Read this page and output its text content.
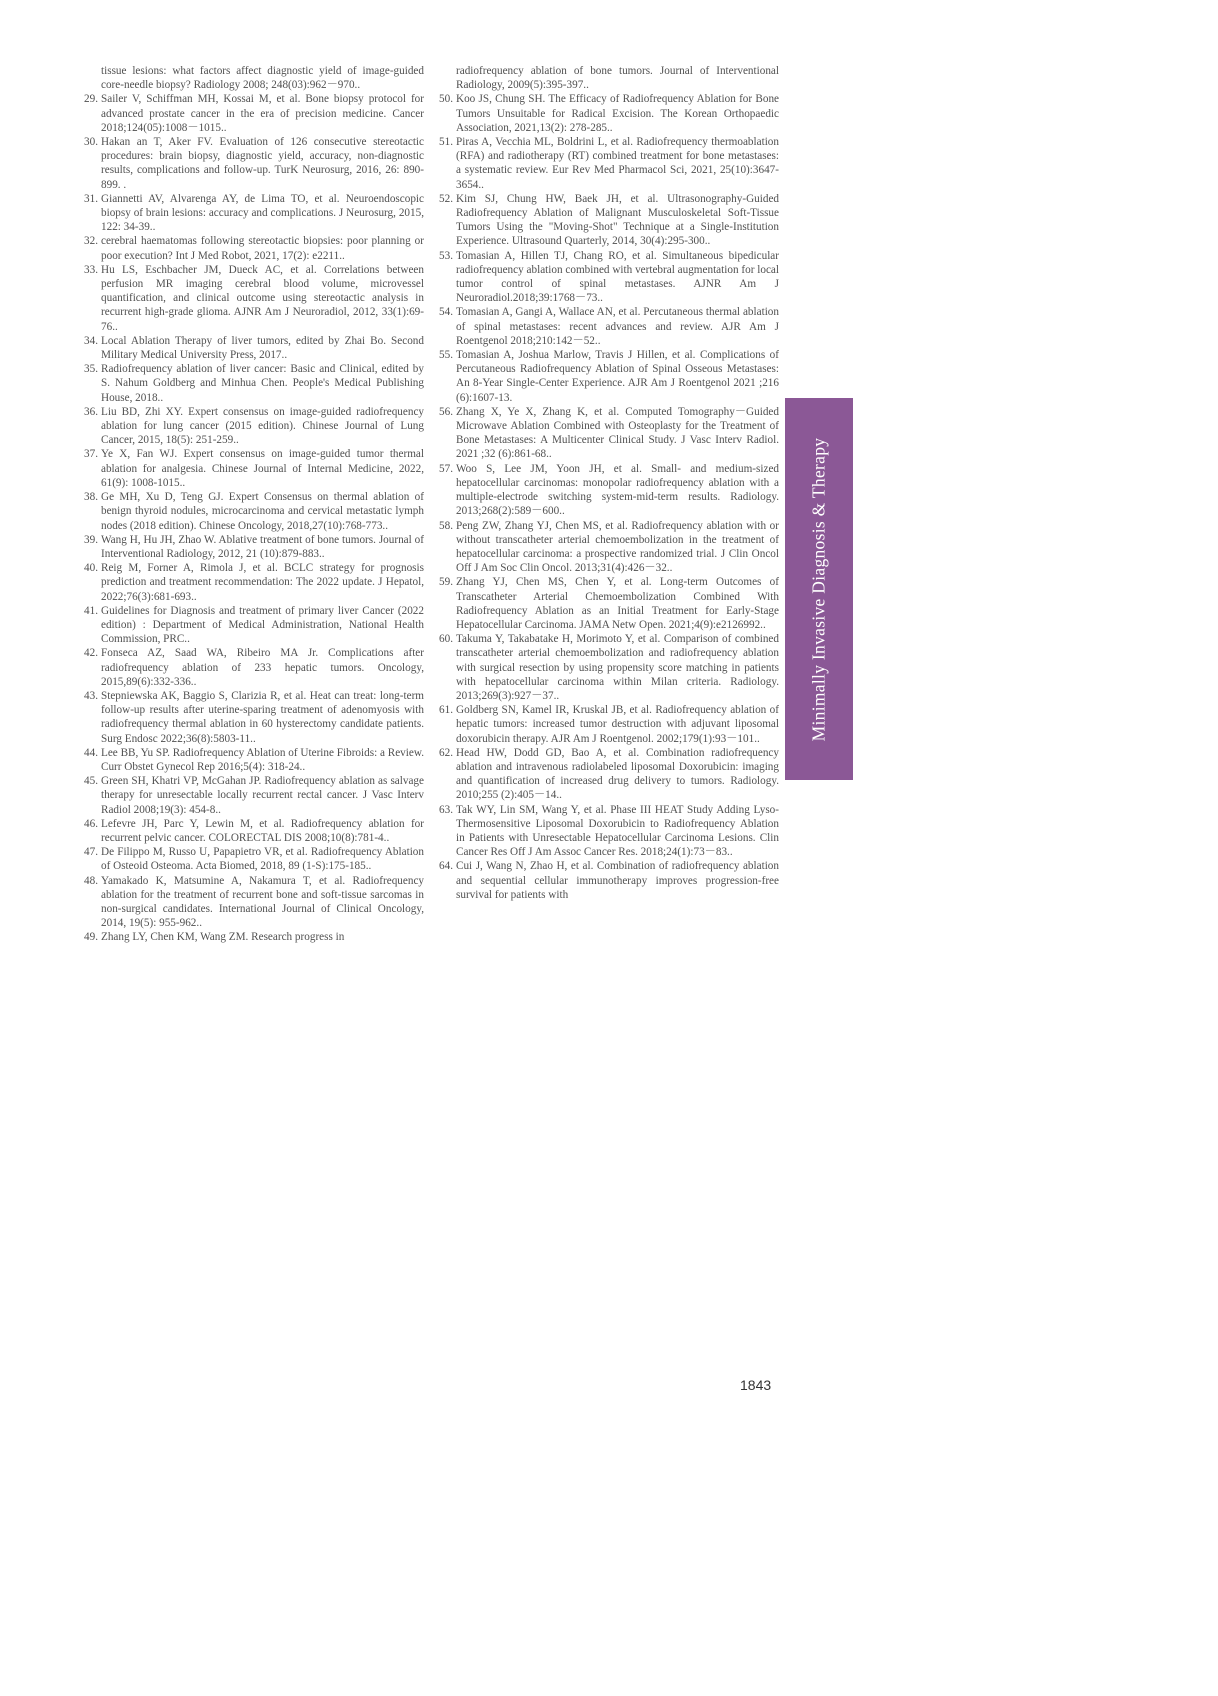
tissue lesions: what factors affect diagnostic yield of image-guided core-needle biopsy? Radiology 2008; 248(03):962－970..

29. Sailer V, Schiffman MH, Kossai M, et al. Bone biopsy protocol for advanced prostate cancer in the era of precision medicine. Cancer 2018;124(05):1008－1015..

30. Hakan an T, Aker FV. Evaluation of 126 consecutive stereotactic procedures: brain biopsy, diagnostic yield, accuracy, non-diagnostic results, complications and follow-up. TurK Neurosurg, 2016, 26: 890-899. .

31. Giannetti AV, Alvarenga AY, de Lima TO, et al. Neuroendoscopic biopsy of brain lesions: accuracy and complications. J Neurosurg, 2015, 122: 34-39..

32. cerebral haematomas following stereotactic biopsies: poor planning or poor execution? Int J Med Robot, 2021, 17(2): e2211..

33. Hu LS, Eschbacher JM, Dueck AC, et al. Correlations between perfusion MR imaging cerebral blood volume, microvessel quantification, and clinical outcome using stereotactic analysis in recurrent high-grade glioma. AJNR Am J Neuroradiol, 2012, 33(1):69-76..

34. Local Ablation Therapy of liver tumors, edited by Zhai Bo. Second Military Medical University Press, 2017..

35. Radiofrequency ablation of liver cancer: Basic and Clinical, edited by S. Nahum Goldberg and Minhua Chen. People's Medical Publishing House, 2018..

36. Liu BD, Zhi XY. Expert consensus on image-guided radiofrequency ablation for lung cancer (2015 edition). Chinese Journal of Lung Cancer, 2015, 18(5): 251-259..

37. Ye X, Fan WJ. Expert consensus on image-guided tumor thermal ablation for analgesia. Chinese Journal of Internal Medicine, 2022, 61(9): 1008-1015..

38. Ge MH, Xu D, Teng GJ. Expert Consensus on thermal ablation of benign thyroid nodules, microcarcinoma and cervical metastatic lymph nodes (2018 edition). Chinese Oncology, 2018,27(10):768-773..

39. Wang H, Hu JH, Zhao W. Ablative treatment of bone tumors. Journal of Interventional Radiology, 2012, 21 (10):879-883..

40. Reig M, Forner A, Rimola J, et al. BCLC strategy for prognosis prediction and treatment recommendation: The 2022 update. J Hepatol, 2022;76(3):681-693..

41. Guidelines for Diagnosis and treatment of primary liver Cancer (2022 edition) : Department of Medical Administration, National Health Commission, PRC..

42. Fonseca AZ, Saad WA, Ribeiro MA Jr. Complications after radiofrequency ablation of 233 hepatic tumors. Oncology, 2015,89(6):332-336..

43. Stepniewska AK, Baggio S, Clarizia R, et al. Heat can treat: long-term follow-up results after uterine-sparing treatment of adenomyosis with radiofrequency thermal ablation in 60 hysterectomy candidate patients. Surg Endosc 2022;36(8):5803-11..

44. Lee BB, Yu SP. Radiofrequency Ablation of Uterine Fibroids: a Review. Curr Obstet Gynecol Rep 2016;5(4): 318-24..

45. Green SH, Khatri VP, McGahan JP. Radiofrequency ablation as salvage therapy for unresectable locally recurrent rectal cancer. J Vasc Interv Radiol 2008;19(3): 454-8..

46. Lefevre JH, Parc Y, Lewin M, et al. Radiofrequency ablation for recurrent pelvic cancer. COLORECTAL DIS 2008;10(8):781-4..

47. De Filippo M, Russo U, Papapietro VR, et al. Radiofrequency Ablation of Osteoid Osteoma. Acta Biomed, 2018, 89 (1-S):175-185..

48. Yamakado K, Matsumine A, Nakamura T, et al. Radiofrequency ablation for the treatment of recurrent bone and soft-tissue sarcomas in non-surgical candidates. International Journal of Clinical Oncology, 2014, 19(5): 955-962..

49. Zhang LY, Chen KM, Wang ZM. Research progress in

radiofrequency ablation of bone tumors. Journal of Interventional Radiology, 2009(5):395-397..

50. Koo JS, Chung SH. The Efficacy of Radiofrequency Ablation for Bone Tumors Unsuitable for Radical Excision. The Korean Orthopaedic Association, 2021,13(2): 278-285..

51. Piras A, Vecchia ML, Boldrini L, et al. Radiofrequency thermoablation (RFA) and radiotherapy (RT) combined treatment for bone metastases: a systematic review. Eur Rev Med Pharmacol Sci, 2021, 25(10):3647-3654..

52. Kim SJ, Chung HW, Baek JH, et al. Ultrasonography-Guided Radiofrequency Ablation of Malignant Musculoskeletal Soft-Tissue Tumors Using the "Moving-Shot" Technique at a Single-Institution Experience. Ultrasound Quarterly, 2014, 30(4):295-300..

53. Tomasian A, Hillen TJ, Chang RO, et al. Simultaneous bipedicular radiofrequency ablation combined with vertebral augmentation for local tumor control of spinal metastases. AJNR Am J Neuroradiol.2018;39:1768－73..

54. Tomasian A, Gangi A, Wallace AN, et al. Percutaneous thermal ablation of spinal metastases: recent advances and review. AJR Am J Roentgenol 2018;210:142－52..

55. Tomasian A, Joshua Marlow, Travis J Hillen, et al. Complications of Percutaneous Radiofrequency Ablation of Spinal Osseous Metastases: An 8-Year Single-Center Experience. AJR Am J Roentgenol 2021 ;216 (6):1607-13.

56. Zhang X, Ye X, Zhang K, et al. Computed Tomography－Guided Microwave Ablation Combined with Osteoplasty for the Treatment of Bone Metastases: A Multicenter Clinical Study. J Vasc Interv Radiol. 2021 ;32 (6):861-68..

57. Woo S, Lee JM, Yoon JH, et al. Small- and medium-sized hepatocellular carcinomas: monopolar radiofrequency ablation with a multiple-electrode switching system-mid-term results. Radiology. 2013;268(2):589－600..

58. Peng ZW, Zhang YJ, Chen MS, et al. Radiofrequency ablation with or without transcatheter arterial chemoembolization in the treatment of hepatocellular carcinoma: a prospective randomized trial. J Clin Oncol Off J Am Soc Clin Oncol. 2013;31(4):426－32..

59. Zhang YJ, Chen MS, Chen Y, et al. Long-term Outcomes of Transcatheter Arterial Chemoembolization Combined With Radiofrequency Ablation as an Initial Treatment for Early-Stage Hepatocellular Carcinoma. JAMA Netw Open. 2021;4(9):e2126992..

60. Takuma Y, Takabatake H, Morimoto Y, et al. Comparison of combined transcatheter arterial chemoembolization and radiofrequency ablation with surgical resection by using propensity score matching in patients with hepatocellular carcinoma within Milan criteria. Radiology. 2013;269(3):927－37..

61. Goldberg SN, Kamel IR, Kruskal JB, et al. Radiofrequency ablation of hepatic tumors: increased tumor destruction with adjuvant liposomal doxorubicin therapy. AJR Am J Roentgenol. 2002;179(1):93－101..

62. Head HW, Dodd GD, Bao A, et al. Combination radiofrequency ablation and intravenous radiolabeled liposomal Doxorubicin: imaging and quantification of increased drug delivery to tumors. Radiology. 2010;255 (2):405－14..

63. Tak WY, Lin SM, Wang Y, et al. Phase III HEAT Study Adding Lyso-Thermosensitive Liposomal Doxorubicin to Radiofrequency Ablation in Patients with Unresectable Hepatocellular Carcinoma Lesions. Clin Cancer Res Off J Am Assoc Cancer Res. 2018;24(1):73－83..

64. Cui J, Wang N, Zhao H, et al. Combination of radiofrequency ablation and sequential cellular immunotherapy improves progression-free survival for patients with

Minimally Invasive Diagnosis & Therapy
1843
